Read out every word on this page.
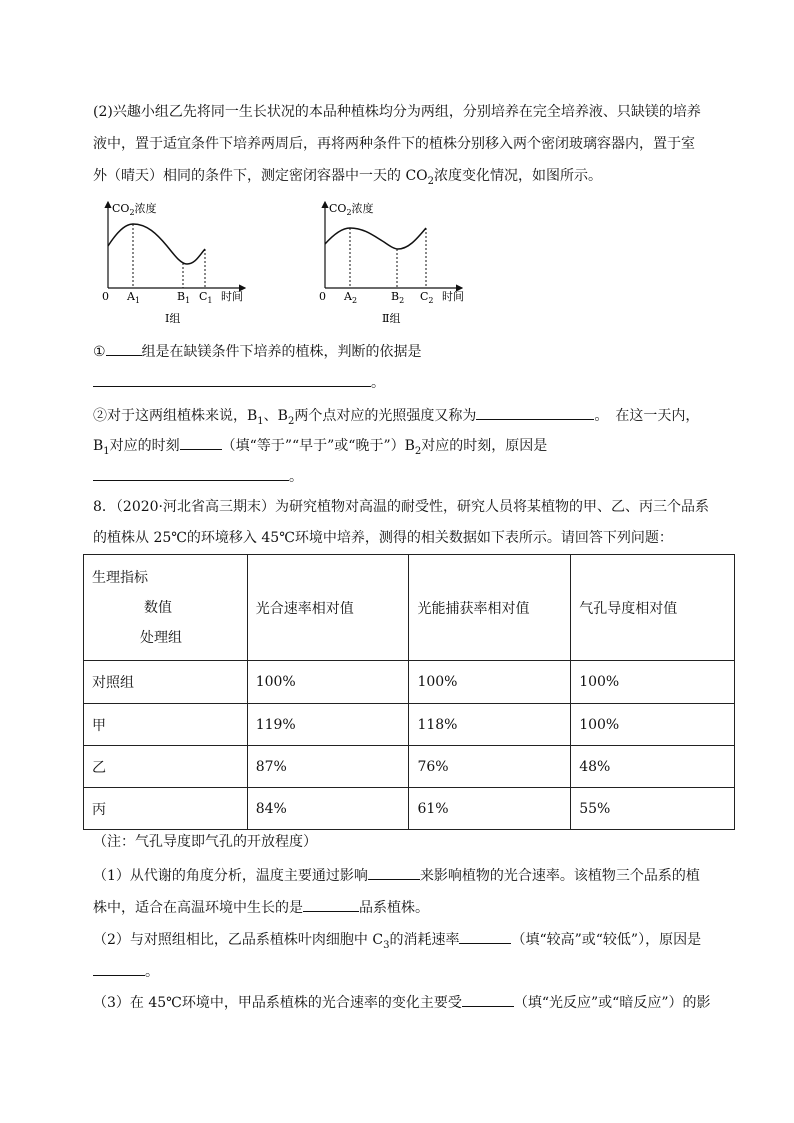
(2)兴趣小组乙先将同一生长状况的本品种植株均分为两组，分别培养在完全培养液、只缺镁的培养
液中，置于适宜条件下培养两周后，再将两种条件下的植株分别移入两个密闭玻璃容器内，置于室
外（晴天）相同的条件下，测定密闭容器中一天的 $CO_2$浓度变化情况，如图所示。
$CO_2$浓度
0 $A_1$	$B_1$ $C_1$ 时间
Ⅰ组
$CO_2$浓度
0 $A_2$	$B_2$ $C_2$ 时间
Ⅱ组
①	组是在缺镁条件下培养的植株，判断的依据是
。
②对于这两组植株来说，$B_1$、$B_2$两个点对应的光照强度又称为	。　在这一天内，
$B_1$对应的时刻	（填“等于”“早于”或“晚于$”)B_2$对应的时刻，原因是
。
8．（2020·河北省高三期末）为研究植物对高温的耐受性，研究人员将某植物的甲、乙、丙三个品系
的植株从 25℃的环境移入 45℃环境中培养，测得的相关数据如下表所示。请回答下列问题：
生理指标
数值
处理组	光合速率相对值	光能捕获率相对值	气孔导度相对值
对照组	100%	100%	100%
甲	119%	118%	100%
乙	87%	76%	48%
丙	84%	61%	55%
（注：气孔导度即气孔的开放程度）
（1）从代谢的角度分析，温度主要通过影响	来影响植物的光合速率。该植物三个品系的植
株中，适合在高温环境中生长的是	品系植株。
（2）与对照组相比，乙品系植株叶肉细胞中 $C_3$的消耗速率	（填“较高”或“较低”），原因是
。
（3）在 45℃环境中，甲品系植株的光合速率的变化主要受	（填“光反应”或“暗反应”）的影
